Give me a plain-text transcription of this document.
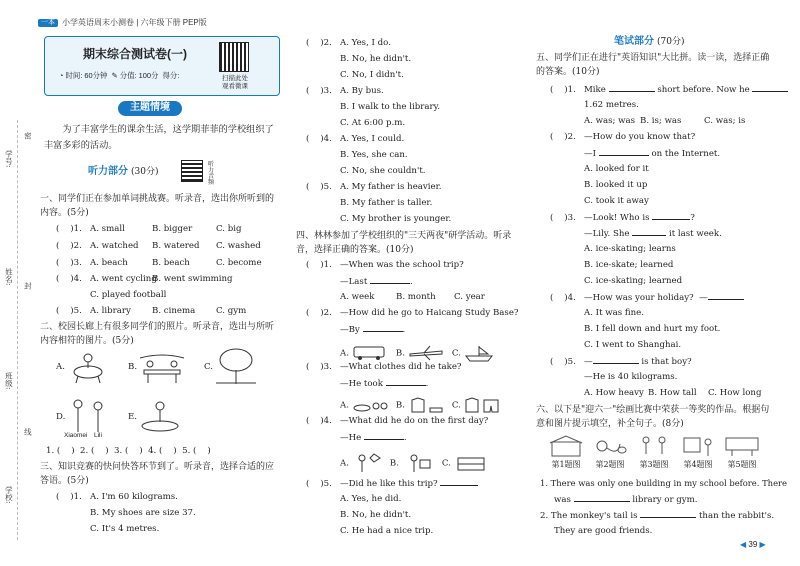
学号:
姓名:
班级:
学校:
密
封
线
一本 小学英语周末小测卷 | 六年级下册 PEP版
期末综合测试卷(一)
◔ 时间: 60分钟 ✎ 分值: 100分 得分:	扫描此处
观看微课
主题情境
为了丰富学生的课余生活，这学期菲菲的学校组织了丰富多彩的活动。
听力部分 (30分)
听力音频
一、同学们正在参加单词挑战赛。听录音，选出你所听到的内容。(5分)
(    )1. A. small	B. bigger	C. big
(    )2. A. watched B. watered C. washed
(    )3. A. beach	B. beach	C. become
(    )4. A. went cyclingB. went swimming
C. played football
(    )5. A. library B. cinema C. gym
二、校园长廊上有很多同学们的照片。听录音，选出与所听内容相符的图片。(5分)
A.	B.	C.
D.
Xiaomei Lili
E.
1. (    )  2. (    )  3. (    )  4. (    )  5. (    )
三、知识竞赛的快问快答环节到了。听录音，选择合适的应答语。(5分)
(    )1. A. I'm 60 kilograms.
B. My shoes are size 37.
C. It's 4 metres.
(    )2. A. Yes, I do.
B. No, he didn't.
C. No, I didn't.
(    )3. A. By bus.
B. I walk to the library.
C. At 6:00 p.m.
(    )4. A. Yes, I could.
B. Yes, she can.
C. No, she couldn't.
(    )5. A. My father is heavier.
B. My father is taller.
C. My brother is younger.
四、林林参加了学校组织的"三天两夜"研学活动。听录音，选择正确的答案。(10分)
(    )1. —When was the school trip?
—Last	.
A. week	B. month C. year
(    )2. —How did he go to Haicang Study Base?
—By	.
A.	B.	C.
(    )3. —What clothes did he take?
—He took	.
A.	B.	C.
(    )4. —What did he do on the first day?
—He	.
A.	B.	C.
(    )5. —Did he like this trip?
A. Yes, he did.
B. No, he didn't.
C. He had a nice trip.
笔试部分 (70分)
五、同学们正在进行"英语知识"大比拼。读一读，选择正确的答案。(10分)
(    )1. Mike	short before. Now he
1.62 metres.
A. was; was B. is; was	C. was; is
(    )2. —How do you know that?
—I	on the Internet.
A. looked for it
B. looked it up
C. took it away
(    )3. —Look! Who is	?
—Lily. She	it last week.
A. ice-skating; learns
B. ice-skate; learned
C. ice-skating; learned
(    )4. —How was your holiday?  —
A. It was fine.
B. I fell down and hurt my foot.
C. I went to Shanghai.
(    )5. —	is that boy?
—He is 40 kilograms.
A. How heavy B. How tall C. How long
六、以下是"迎六一"绘画比赛中荣获一等奖的作品。根据句意和图片提示填空，补全句子。(8分)
第1题图	第2题图	第3题图	第4题图	第5题图
1. There was only one building in my school before. There
was	library or gym.
2. The monkey's tail is	than the rabbit's.
They are good friends.
◀ 39 ▶
